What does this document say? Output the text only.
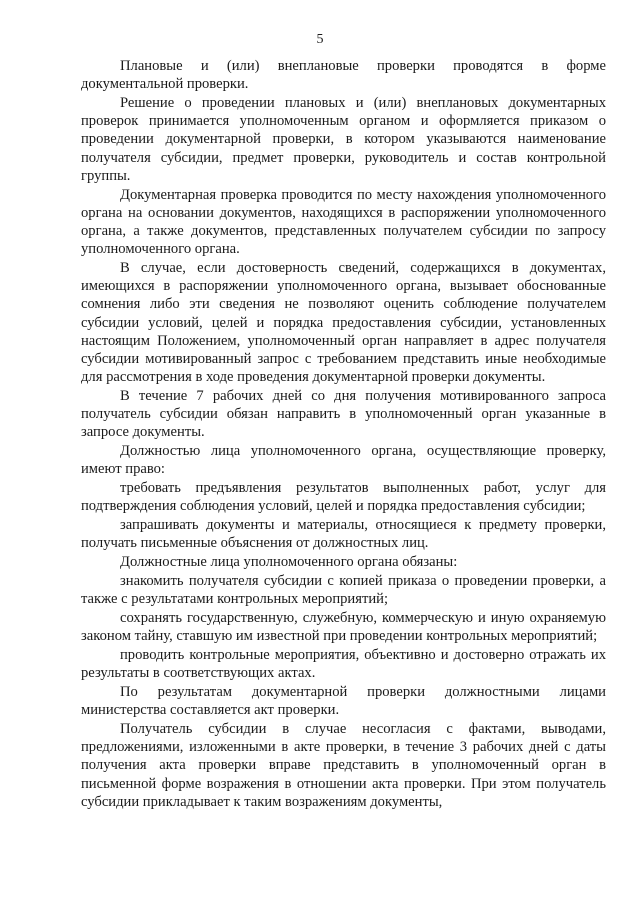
5

Плановые и (или) внеплановые проверки проводятся в форме документальной проверки.

Решение о проведении плановых и (или) внеплановых документарных проверок принимается уполномоченным органом и оформляется приказом о проведении документарной проверки, в котором указываются наименование получателя субсидии, предмет проверки, руководитель и состав контрольной группы.

Документарная проверка проводится по месту нахождения уполномоченного органа на основании документов, находящихся в распоряжении уполномоченного органа, а также документов, представленных получателем субсидии по запросу уполномоченного органа.

В случае, если достоверность сведений, содержащихся в документах, имеющихся в распоряжении уполномоченного органа, вызывает обоснованные сомнения либо эти сведения не позволяют оценить соблюдение получателем субсидии условий, целей и порядка предоставления субсидии, установленных настоящим Положением, уполномоченный орган направляет в адрес получателя субсидии мотивированный запрос с требованием представить иные необходимые для рассмотрения в ходе проведения документарной проверки документы.

В течение 7 рабочих дней со дня получения мотивированного запроса получатель субсидии обязан направить в уполномоченный орган указанные в запросе документы.

Должностью лица уполномоченного органа, осуществляющие проверку, имеют право:

требовать предъявления результатов выполненных работ, услуг для подтверждения соблюдения условий, целей и порядка предоставления субсидии;

запрашивать документы и материалы, относящиеся к предмету проверки, получать письменные объяснения от должностных лиц.

Должностные лица уполномоченного органа обязаны:

знакомить получателя субсидии с копией приказа о проведении проверки, а также с результатами контрольных мероприятий;

сохранять государственную, служебную, коммерческую и иную охраняемую законом тайну, ставшую им известной при проведении контрольных мероприятий;

проводить контрольные мероприятия, объективно и достоверно отражать их результаты в соответствующих актах.

По результатам документарной проверки должностными лицами министерства составляется акт проверки.

Получатель субсидии в случае несогласия с фактами, выводами, предложениями, изложенными в акте проверки, в течение 3 рабочих дней с даты получения акта проверки вправе представить в уполномоченный орган в письменной форме возражения в отношении акта проверки. При этом получатель субсидии прикладывает к таким возражениям документы,
